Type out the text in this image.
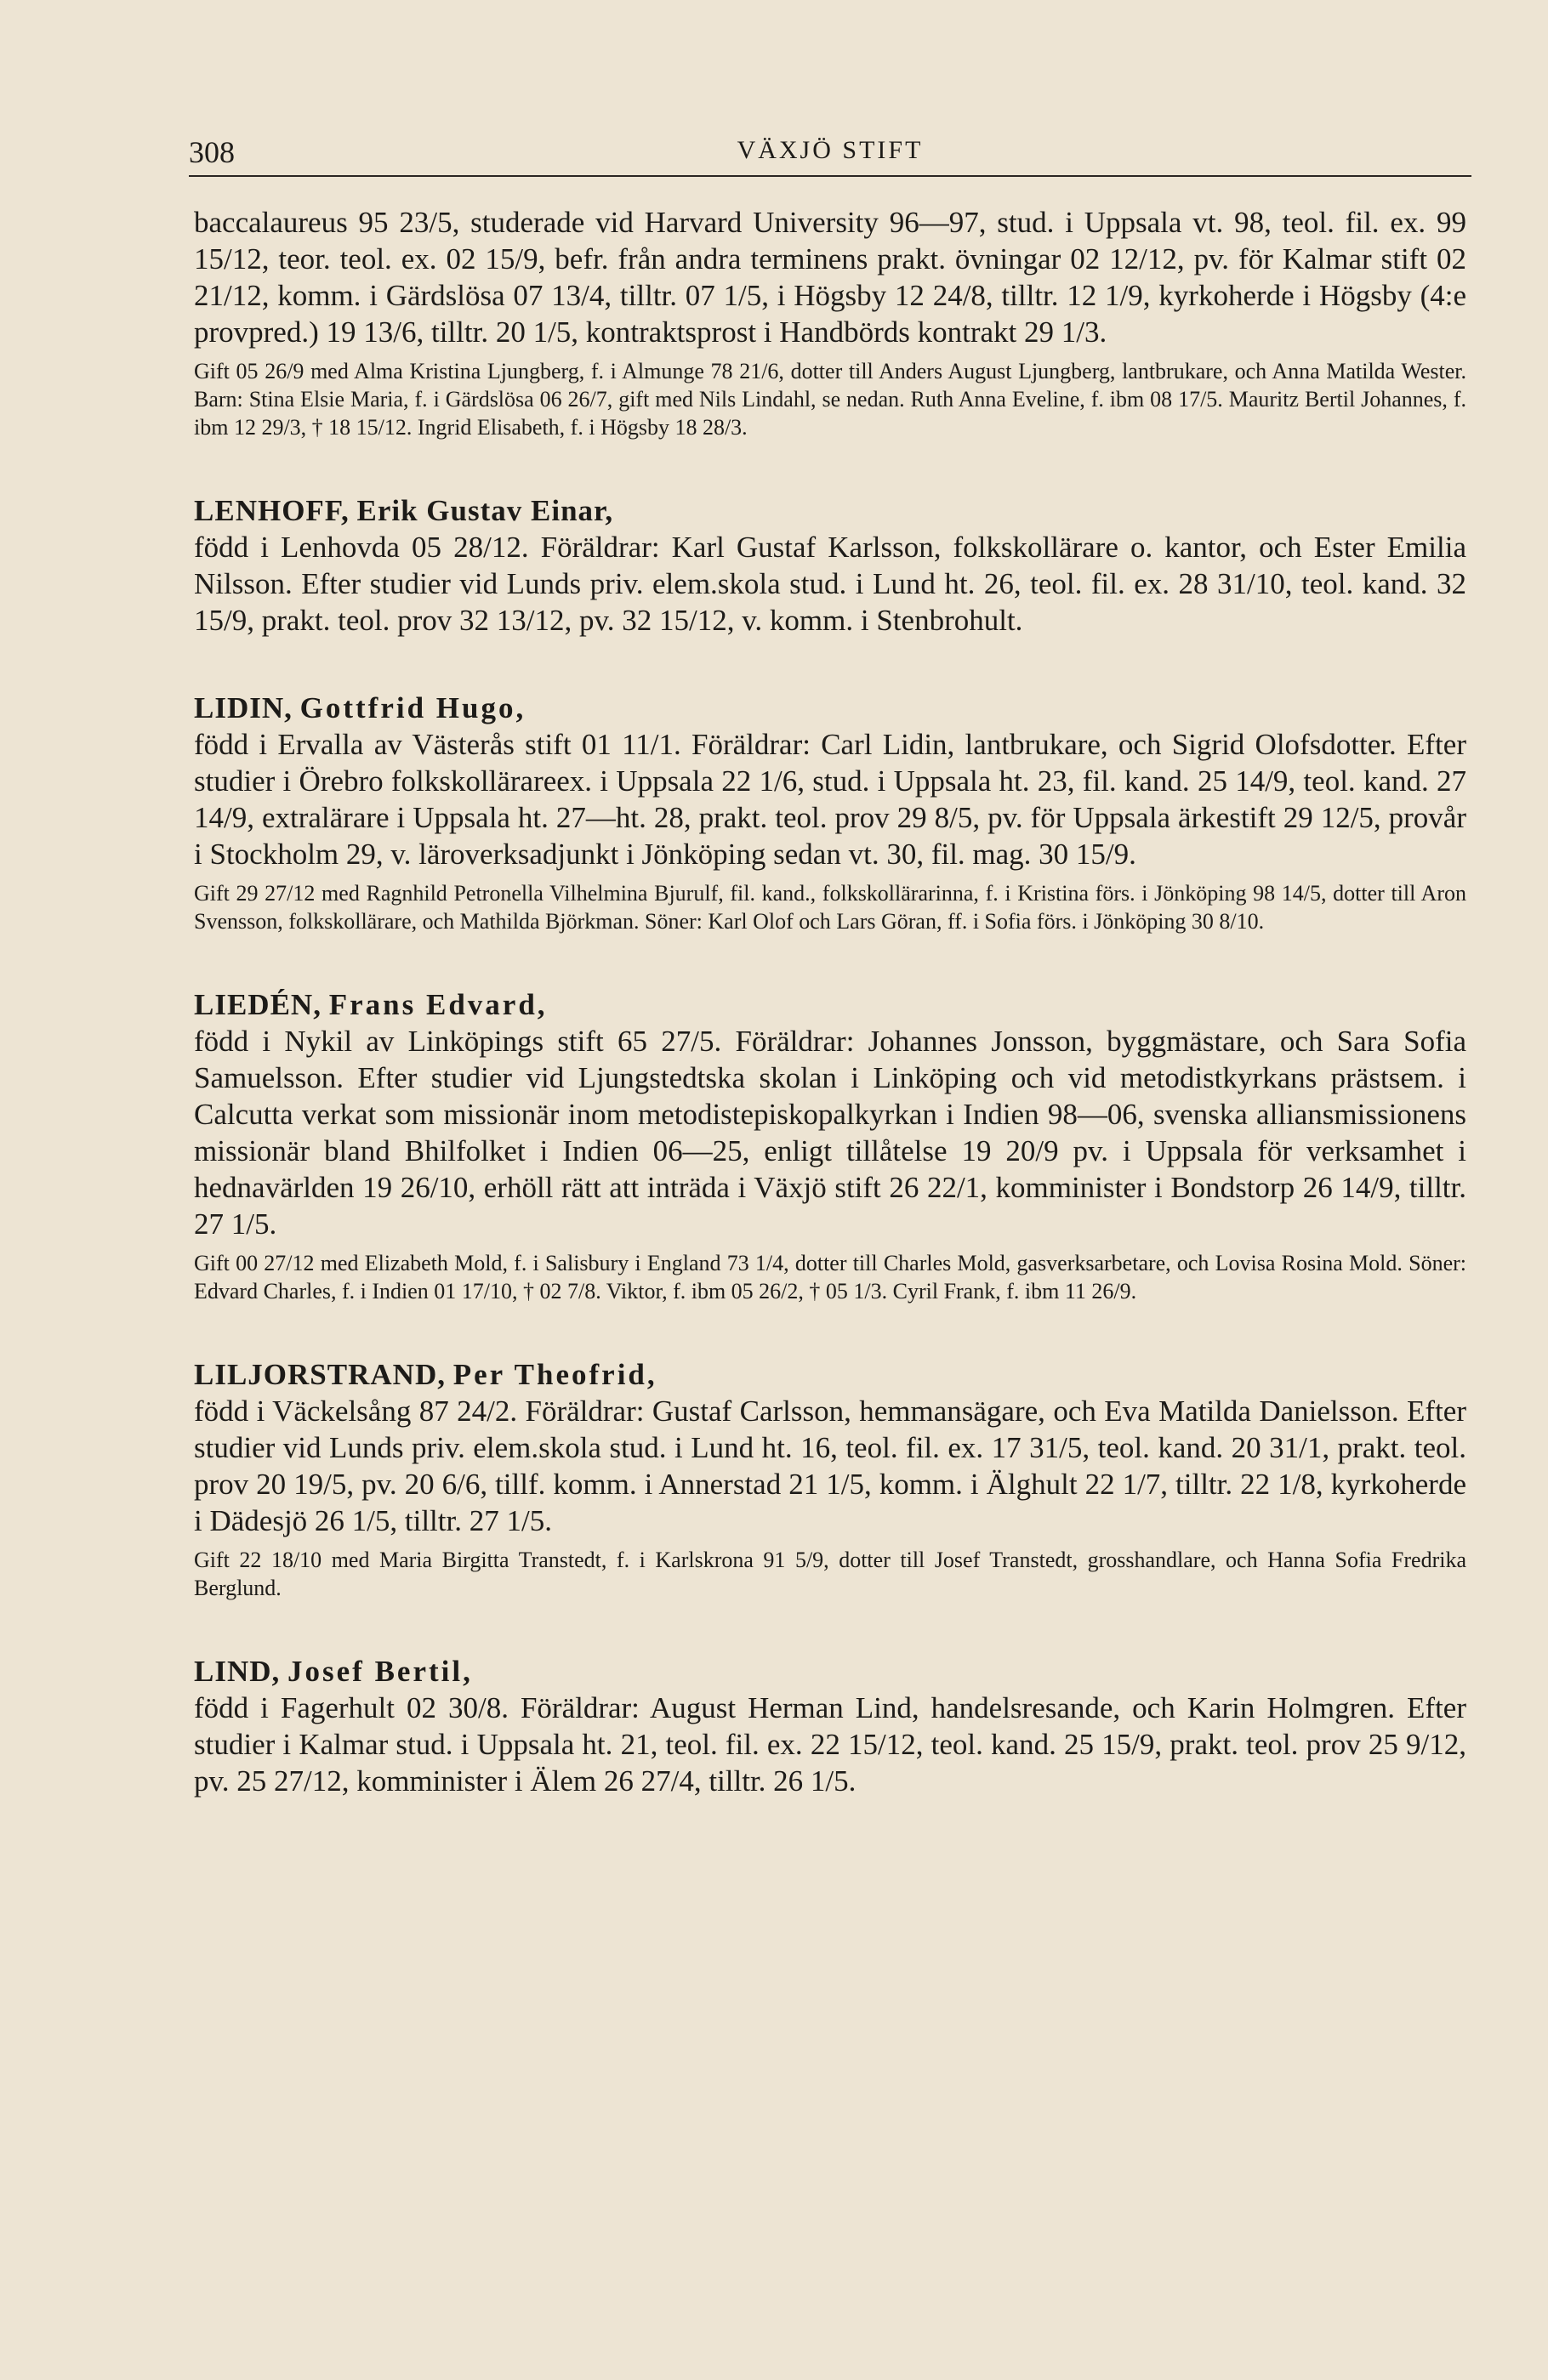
308	VÄXJÖ STIFT

baccalaureus 95 23/5, studerade vid Harvard University 96—97, stud. i Uppsala vt. 98, teol. fil. ex. 99 15/12, teor. teol. ex. 02 15/9, befr. från andra terminens prakt. övningar 02 12/12, pv. för Kalmar stift 02 21/12, komm. i Gärdslösa 07 13/4, tilltr. 07 1/5, i Högsby 12 24/8, tilltr. 12 1/9, kyrkoherde i Högsby (4:e provpred.) 19 13/6, tilltr. 20 1/5, kontraktsprost i Handbörds kontrakt 29 1/3.

Gift 05 26/9 med Alma Kristina Ljungberg, f. i Almunge 78 21/6, dotter till Anders August Ljungberg, lantbrukare, och Anna Matilda Wester. Barn: Stina Elsie Maria, f. i Gärdslösa 06 26/7, gift med Nils Lindahl, se nedan. Ruth Anna Eveline, f. ibm 08 17/5. Mauritz Bertil Johannes, f. ibm 12 29/3, † 18 15/12. Ingrid Elisabeth, f. i Högsby 18 28/3.

LENHOFF, Erik Gustav Einar,

född i Lenhovda 05 28/12. Föräldrar: Karl Gustaf Karlsson, folkskollärare o. kantor, och Ester Emilia Nilsson. Efter studier vid Lunds priv. elem.skola stud. i Lund ht. 26, teol. fil. ex. 28 31/10, teol. kand. 32 15/9, prakt. teol. prov 32 13/12, pv. 32 15/12, v. komm. i Stenbrohult.

LIDIN, Gottfrid Hugo,

född i Ervalla av Västerås stift 01 11/1. Föräldrar: Carl Lidin, lantbrukare, och Sigrid Olofsdotter. Efter studier i Örebro folkskollärareex. i Uppsala 22 1/6, stud. i Uppsala ht. 23, fil. kand. 25 14/9, teol. kand. 27 14/9, extralärare i Uppsala ht. 27—ht. 28, prakt. teol. prov 29 8/5, pv. för Uppsala ärkestift 29 12/5, provår i Stockholm 29, v. läroverksadjunkt i Jönköping sedan vt. 30, fil. mag. 30 15/9.

Gift 29 27/12 med Ragnhild Petronella Vilhelmina Bjurulf, fil. kand., folkskollärarinna, f. i Kristina förs. i Jönköping 98 14/5, dotter till Aron Svensson, folkskollärare, och Mathilda Björkman. Söner: Karl Olof och Lars Göran, ff. i Sofia förs. i Jönköping 30 8/10.

LIEDÉN, Frans Edvard,

född i Nykil av Linköpings stift 65 27/5. Föräldrar: Johannes Jonsson, byggmästare, och Sara Sofia Samuelsson. Efter studier vid Ljungstedtska skolan i Linköping och vid metodistkyrkans prästsem. i Calcutta verkat som missionär inom metodistepiskopalkyrkan i Indien 98—06, svenska alliansmissionens missionär bland Bhilfolket i Indien 06—25, enligt tillåtelse 19 20/9 pv. i Uppsala för verksamhet i hednavärlden 19 26/10, erhöll rätt att inträda i Växjö stift 26 22/1, komminister i Bondstorp 26 14/9, tilltr. 27 1/5.

Gift 00 27/12 med Elizabeth Mold, f. i Salisbury i England 73 1/4, dotter till Charles Mold, gasverksarbetare, och Lovisa Rosina Mold. Söner: Edvard Charles, f. i Indien 01 17/10, † 02 7/8. Viktor, f. ibm 05 26/2, † 05 1/3. Cyril Frank, f. ibm 11 26/9.

LILJORSTRAND, Per Theofrid,

född i Väckelsång 87 24/2. Föräldrar: Gustaf Carlsson, hemmansägare, och Eva Matilda Danielsson. Efter studier vid Lunds priv. elem.skola stud. i Lund ht. 16, teol. fil. ex. 17 31/5, teol. kand. 20 31/1, prakt. teol. prov 20 19/5, pv. 20 6/6, tillf. komm. i Annerstad 21 1/5, komm. i Älghult 22 1/7, tilltr. 22 1/8, kyrkoherde i Dädesjö 26 1/5, tilltr. 27 1/5.

Gift 22 18/10 med Maria Birgitta Transtedt, f. i Karlskrona 91 5/9, dotter till Josef Transtedt, grosshandlare, och Hanna Sofia Fredrika Berglund.

LIND, Josef Bertil,

född i Fagerhult 02 30/8. Föräldrar: August Herman Lind, handelsresande, och Karin Holmgren. Efter studier i Kalmar stud. i Uppsala ht. 21, teol. fil. ex. 22 15/12, teol. kand. 25 15/9, prakt. teol. prov 25 9/12, pv. 25 27/12, komminister i Älem 26 27/4, tilltr. 26 1/5.
